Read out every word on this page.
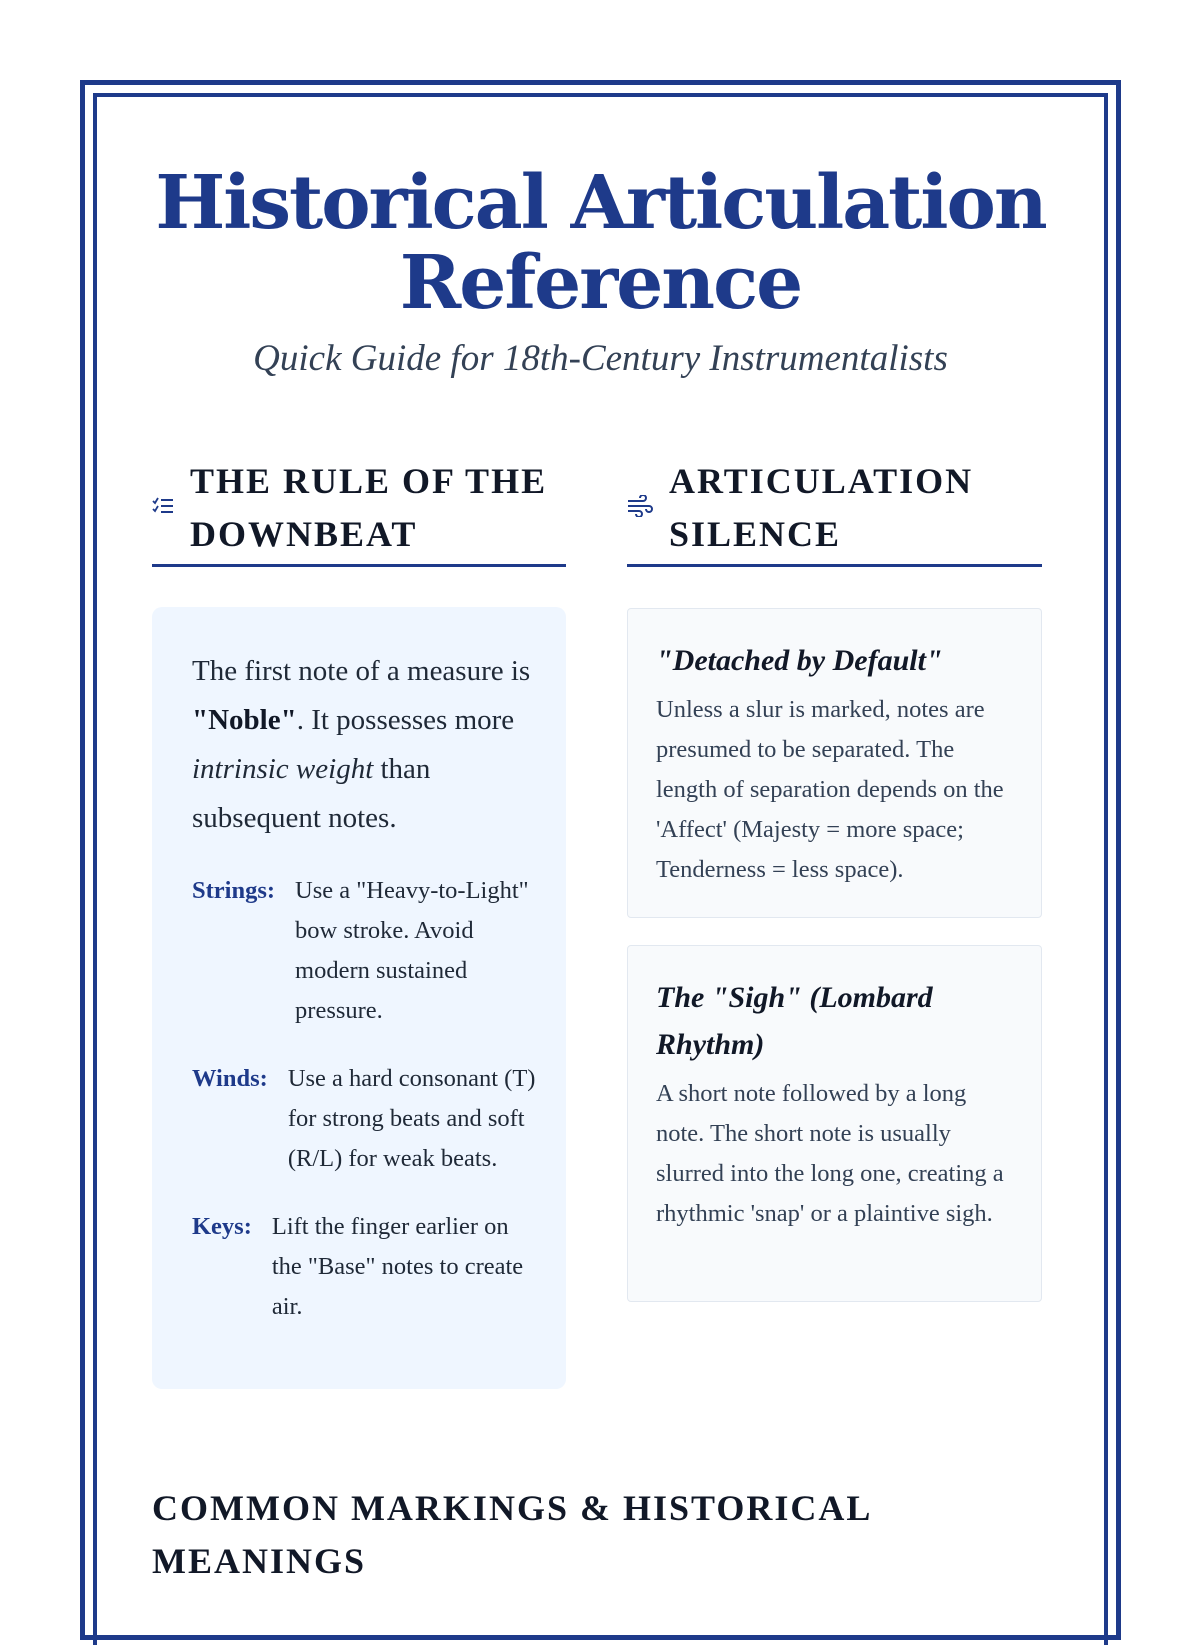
Historical Articulation Reference
Quick Guide for 18th-Century Instrumentalists
THE RULE OF THE DOWNBEAT
ARTICULATION SILENCE

The first note of a measure is "Noble". It possesses more intrinsic weight than subsequent notes.

Strings: Use a "Heavy-to-Light" bow stroke. Avoid modern sustained pressure.
Winds: Use a hard consonant (T) for strong beats and soft (R/L) for weak beats.
Keys: Lift the finger earlier on the "Base" notes to create air.
"Detached by Default"
Unless a slur is marked, notes are presumed to be separated. The length of separation depends on the 'Affect' (Majesty = more space; Tenderness = less space).
The "Sigh" (Lombard Rhythm)
A short note followed by a long note. The short note is usually slurred into the long one, creating a rhythmic 'snap' or a plaintive sigh.
COMMON MARKINGS & HISTORICAL MEANINGS
